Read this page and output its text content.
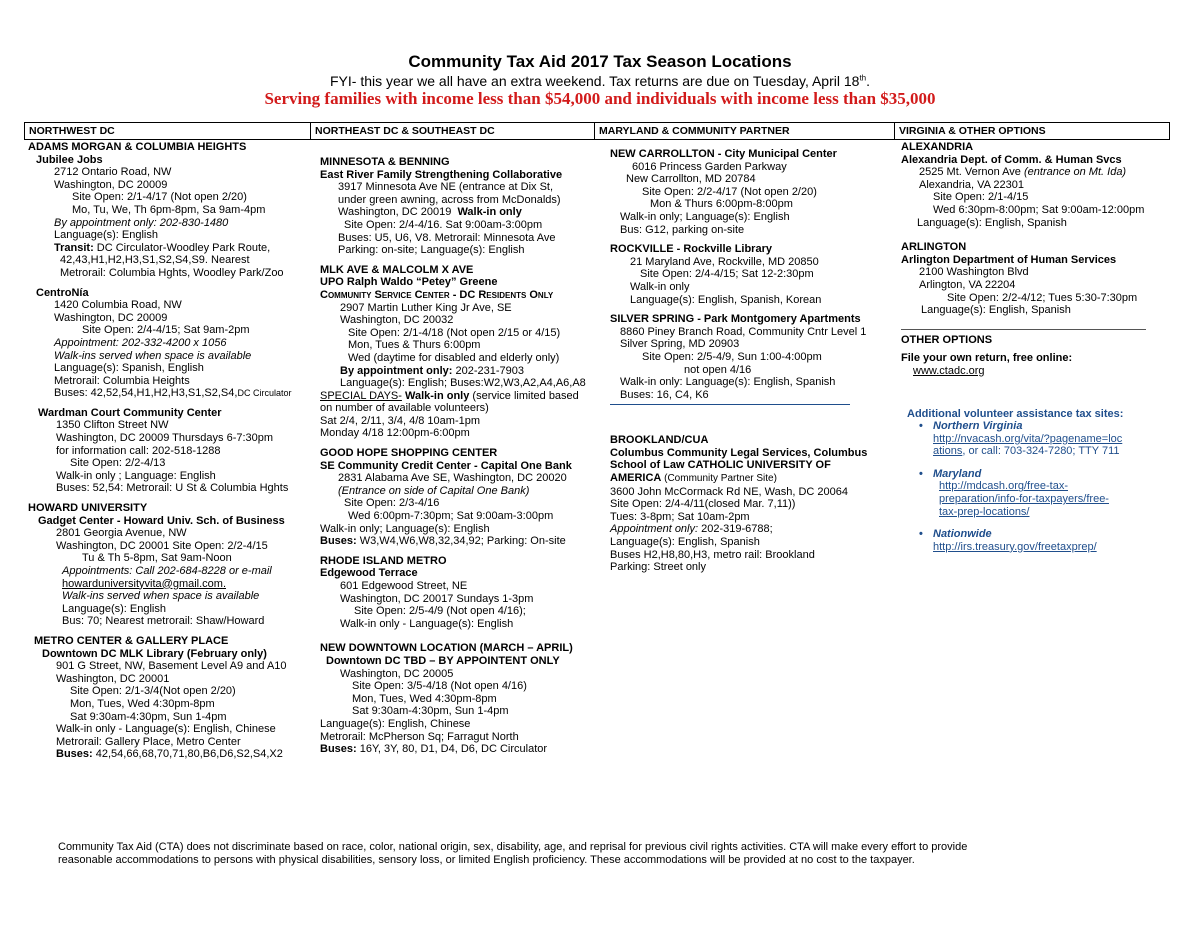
Community Tax Aid 2017 Tax Season Locations
FYI- this year we all have an extra weekend. Tax returns are due on Tuesday, April 18th.
Serving families with income less than $54,000 and individuals with income less than $35,000
NORTHWEST DC	NORTHEAST DC & SOUTHEAST DC	MARYLAND & COMMUNITY PARTNER	VIRGINIA & OTHER OPTIONS
ADAMS MORGAN & COLUMBIA HEIGHTS
Jubilee Jobs
2712 Ontario Road, NW
Washington, DC 20009
Site Open: 2/1-4/17 (Not open 2/20)
Mo, Tu, We, Th 6pm-8pm, Sa 9am-4pm
By appointment only: 202-830-1480
Language(s): English
Transit: DC Circulator-Woodley Park Route,
42,43,H1,H2,H3,S1,S2,S4,S9. Nearest
Metrorail: Columbia Hghts, Woodley Park/Zoo
CentroNía
1420 Columbia Road, NW
Washington, DC 20009
Site Open: 2/4-4/15; Sat 9am-2pm
Appointment: 202-332-4200 x 1056
Walk-ins served when space is available
Language(s): Spanish, English
Metrorail: Columbia Heights
Buses: 42,52,54,H1,H2,H3,S1,S2,S4,DC Circulator
Wardman Court Community Center
1350 Clifton Street NW
Washington, DC 20009 Thursdays 6-7:30pm
for information call: 202-518-1288
Site Open: 2/2-4/13
Walk-in only ; Language: English
Buses: 52,54: Metrorail: U St & Columbia Hghts
HOWARD UNIVERSITY
Gadget Center - Howard Univ. Sch. of Business
2801 Georgia Avenue, NW
Washington, DC 20001 Site Open: 2/2-4/15
Tu & Th 5-8pm, Sat 9am-Noon
Appointments: Call 202-684-8228 or e-mail
howarduniversityvita@gmail.com.
Walk-ins served when space is available
Language(s): English
Bus: 70; Nearest metrorail: Shaw/Howard
METRO CENTER & GALLERY PLACE
Downtown DC MLK Library (February only)
901 G Street, NW, Basement Level A9 and A10
Washington, DC 20001
Site Open: 2/1-3/4(Not open 2/20)
Mon, Tues, Wed 4:30pm-8pm
Sat 9:30am-4:30pm, Sun 1-4pm
Walk-in only - Language(s): English, Chinese
Metrorail: Gallery Place, Metro Center
Buses: 42,54,66,68,70,71,80,B6,D6,S2,S4,X2
MINNESOTA & BENNING
East River Family Strengthening Collaborative
3917 Minnesota Ave NE (entrance at Dix St,
under green awning, across from McDonalds)
Washington, DC 20019 Walk-in only
Site Open: 2/4-4/16. Sat 9:00am-3:00pm
Buses: U5, U6, V8. Metrorail: Minnesota Ave
Parking: on-site; Language(s): English
MLK AVE & MALCOLM X AVE
UPO Ralph Waldo “Petey” Greene
Community Service Center - DC Residents Only
2907 Martin Luther King Jr Ave, SE
Washington, DC 20032
Site Open: 2/1-4/18 (Not open 2/15 or 4/15)
Mon, Tues & Thurs 6:00pm
Wed (daytime for disabled and elderly only)
By appointment only: 202-231-7903
Language(s): English; Buses:W2,W3,A2,A4,A6,A8
SPECIAL DAYS- Walk-in only (service limited based
on number of available volunteers)
Sat 2/4, 2/11, 3/4, 4/8 10am-1pm
Monday 4/18 12:00pm-6:00pm
GOOD HOPE SHOPPING CENTER
SE Community Credit Center - Capital One Bank
2831 Alabama Ave SE, Washington, DC 20020
(Entrance on side of Capital One Bank)
Site Open: 2/3-4/16
Wed 6:00pm-7:30pm; Sat 9:00am-3:00pm
Walk-in only; Language(s): English
Buses: W3,W4,W6,W8,32,34,92; Parking: On-site
RHODE ISLAND METRO
Edgewood Terrace
601 Edgewood Street, NE
Washington, DC 20017 Sundays 1-3pm
Site Open: 2/5-4/9 (Not open 4/16);
Walk-in only - Language(s): English
NEW DOWNTOWN LOCATION (MARCH – APRIL)
Downtown DC TBD – BY APPOINTENT ONLY
Washington, DC 20005
Site Open: 3/5-4/18 (Not open 4/16)
Mon, Tues, Wed 4:30pm-8pm
Sat 9:30am-4:30pm, Sun 1-4pm
Language(s): English, Chinese
Metrorail: McPherson Sq; Farragut North
Buses: 16Y, 3Y, 80, D1, D4, D6, DC Circulator
NEW CARROLLTON - City Municipal Center
6016 Princess Garden Parkway
New Carrollton, MD 20784
Site Open: 2/2-4/17 (Not open 2/20)
Mon & Thurs 6:00pm-8:00pm
Walk-in only; Language(s): English
Bus: G12, parking on-site
ROCKVILLE - Rockville Library
21 Maryland Ave, Rockville, MD 20850
Site Open: 2/4-4/15; Sat 12-2:30pm
Walk-in only
Language(s): English, Spanish, Korean
SILVER SPRING - Park Montgomery Apartments
8860 Piney Branch Road, Community Cntr Level 1
Silver Spring, MD 20903
Site Open: 2/5-4/9, Sun 1:00-4:00pm
not open 4/16
Walk-in only: Language(s): English, Spanish
Buses: 16, C4, K6
BROOKLAND/CUA
Columbus Community Legal Services, Columbus
School of Law CATHOLIC UNIVERSITY OF
AMERICA (Community Partner Site)
3600 John McCormack Rd NE, Wash, DC 20064
Site Open: 2/4-4/11(closed Mar. 7,11))
Tues: 3-8pm; Sat 10am-2pm
Appointment only: 202-319-6788;
Language(s): English, Spanish
Buses H2,H8,80,H3, metro rail: Brookland
Parking: Street only
ALEXANDRIA
Alexandria Dept. of Comm. & Human Svcs
2525 Mt. Vernon Ave (entrance on Mt. Ida)
Alexandria, VA 22301
Site Open: 2/1-4/15
Wed 6:30pm-8:00pm; Sat 9:00am-12:00pm
Language(s): English, Spanish
ARLINGTON
Arlington Department of Human Services
2100 Washington Blvd
Arlington, VA 22204
Site Open: 2/2-4/12; Tues 5:30-7:30pm
Language(s): English, Spanish
OTHER OPTIONS
File your own return, free online:
www.ctadc.org
Additional volunteer assistance tax sites:
• Northern Virginia
http://nvacash.org/vita/?pagename=loc
ations, or call: 703-324-7280; TTY 711
• Maryland
http://mdcash.org/free-tax-
preparation/info-for-taxpayers/free-
tax-prep-locations/
• Nationwide
http://irs.treasury.gov/freetaxprep/
Community Tax Aid (CTA) does not discriminate based on race, color, national origin, sex, disability, age, and reprisal for previous civil rights activities. CTA will make every effort to provide
reasonable accommodations to persons with physical disabilities, sensory loss, or limited English proficiency. These accommodations will be provided at no cost to the taxpayer.
